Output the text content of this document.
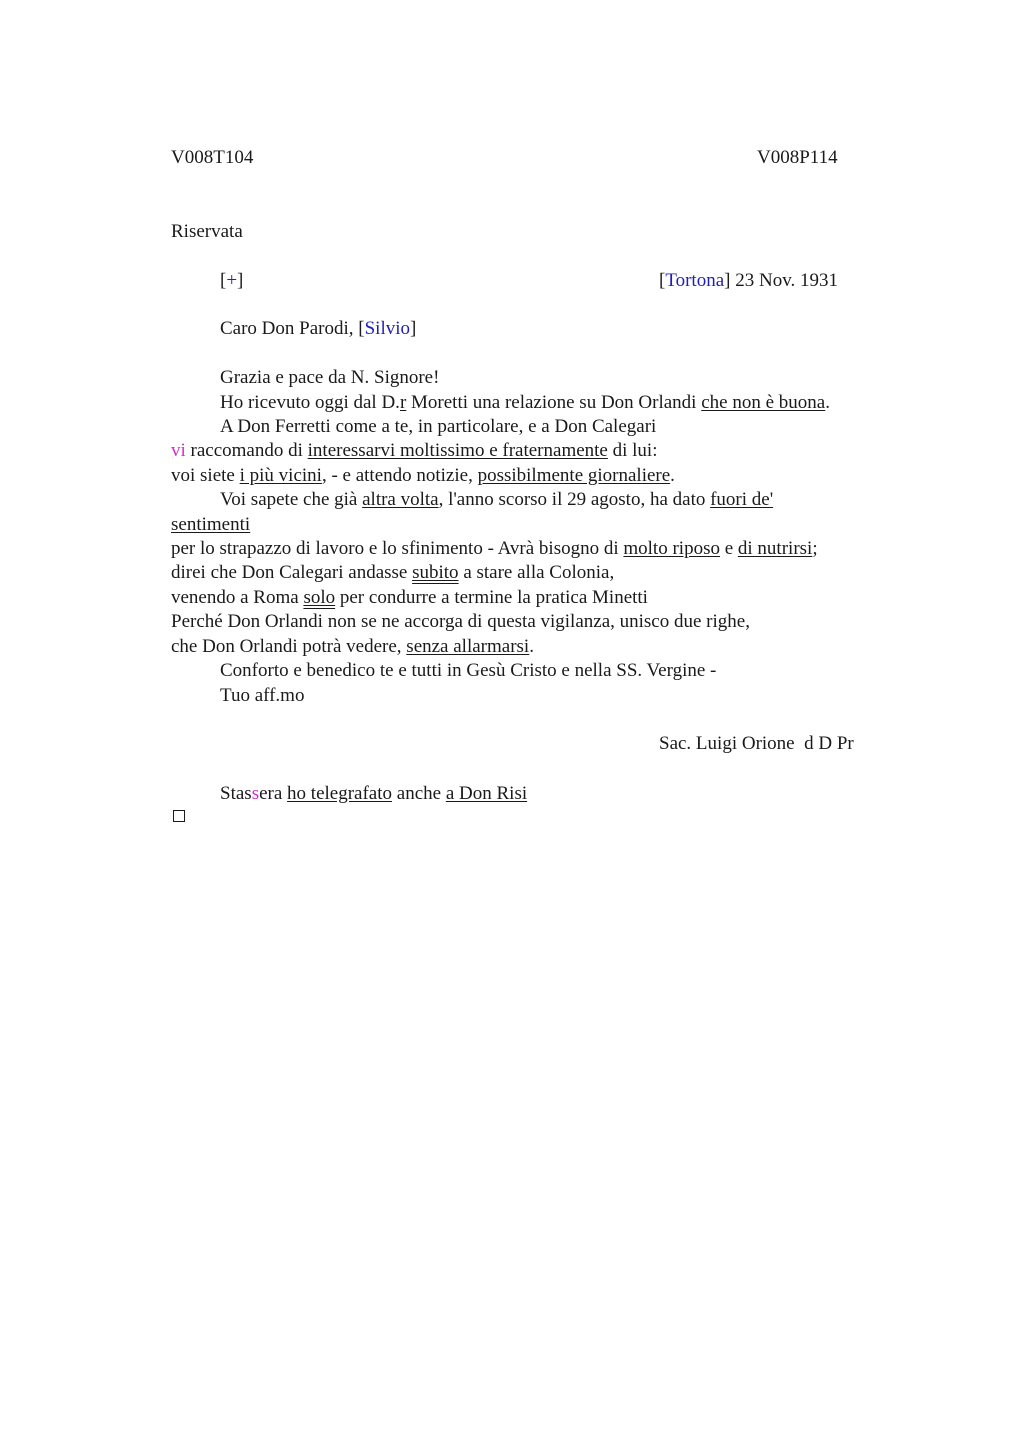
V008T104	V008P114
Riservata
[+]	[Tortona] 23 Nov. 1931
Caro Don Parodi, [Silvio]
Grazia e pace da N. Signore!
Ho ricevuto oggi dal D.r Moretti una relazione su Don Orlandi che non è buona.
A Don Ferretti come a te, in particolare, e a Don Calegari
vi raccomando di interessarvi moltissimo e fraternamente di lui:
voi siete i più vicini, - e attendo notizie, possibilmente giornaliere.
Voi sapete che già altra volta, l'anno scorso il 29 agosto, ha dato fuori de'
sentimenti
per lo strapazzo di lavoro e lo sfinimento - Avrà bisogno di molto riposo e di nutrirsi;
direi che Don Calegari andasse subito a stare alla Colonia,
venendo a Roma solo per condurre a termine la pratica Minetti
Perché Don Orlandi non se ne accorga di questa vigilanza, unisco due righe,
che Don Orlandi potrà vedere, senza allarmarsi.
Conforto e benedico te e tutti in Gesù Cristo e nella SS. Vergine -
Tuo aff.mo
Sac. Luigi Orione  d D Pr
Stassera ho telegrafato anche a Don Risi
